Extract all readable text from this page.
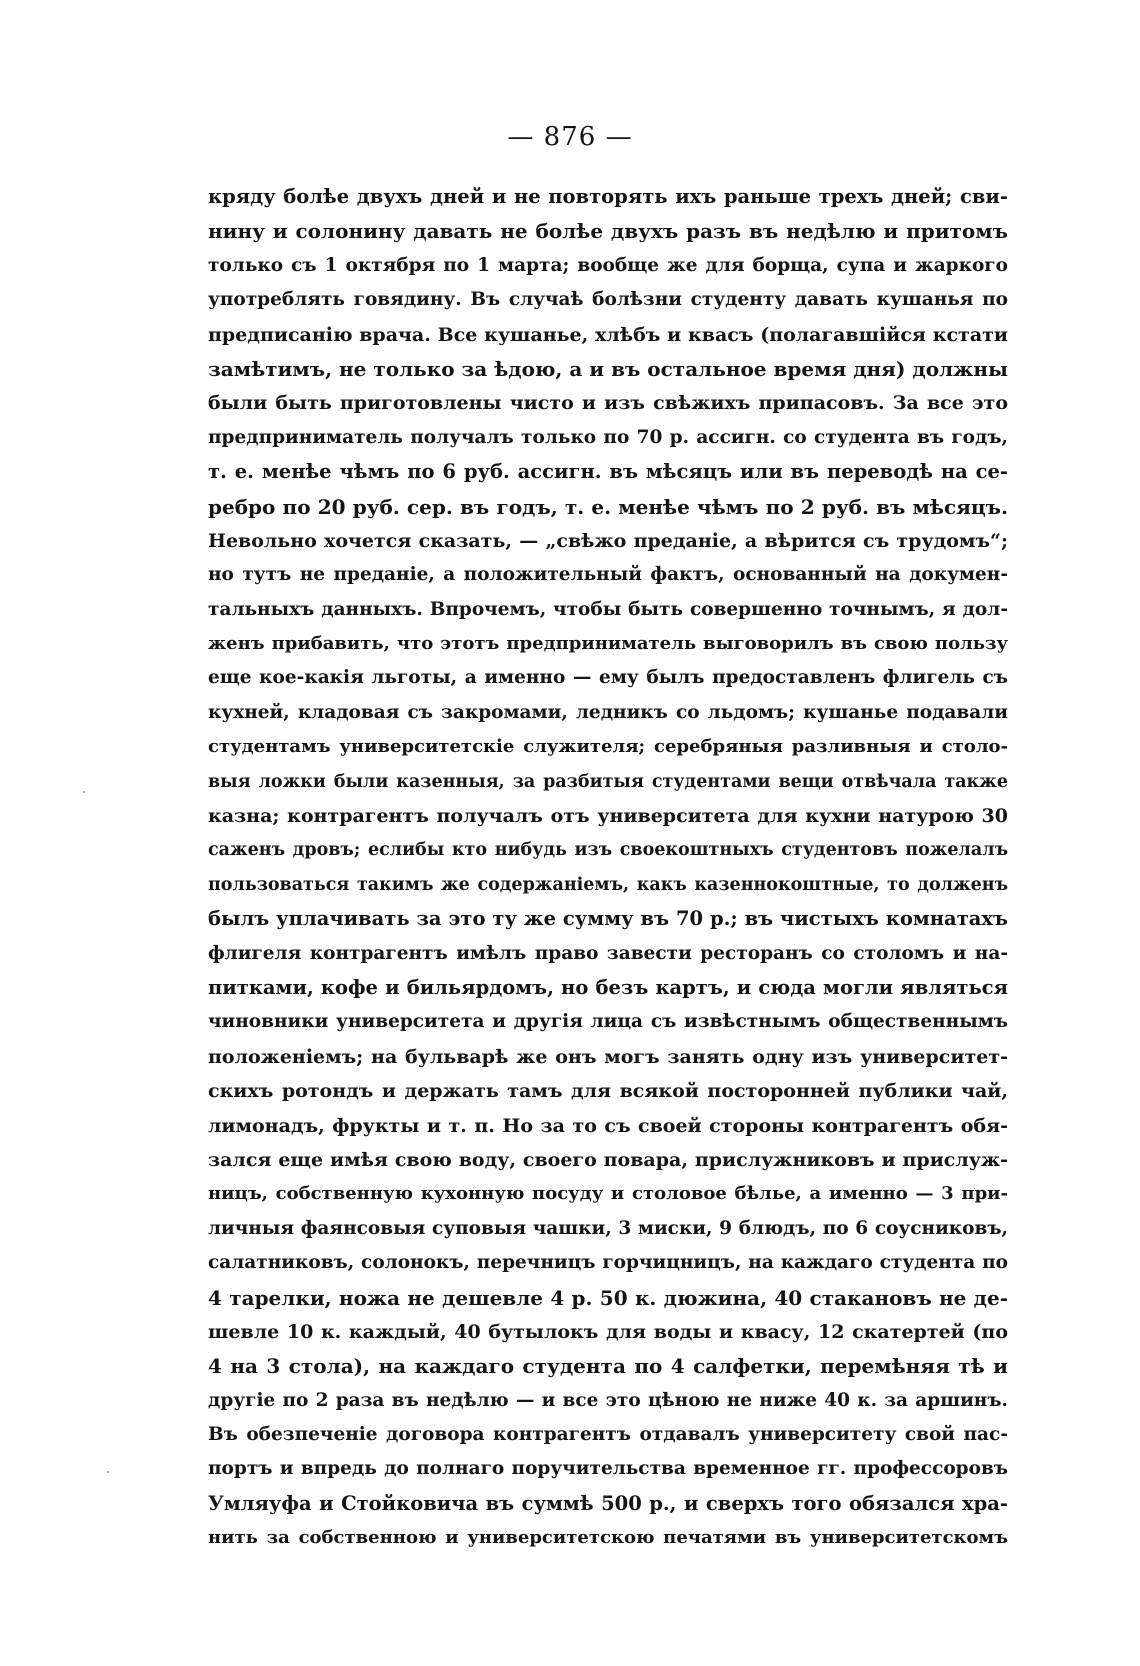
— 876 —
кряду болѣе двухъ дней и не повторять ихъ раньше трехъ дней; сви-
нину и солонину давать не болѣе двухъ разъ въ недѣлю и притомъ
только съ 1 октября по 1 марта; вообще же для борща, супа и жаркого
употреблять говядину. Въ случаѣ болѣзни студенту давать кушанья по
предписанію врача. Все кушанье, хлѣбъ и квасъ (полагавшійся кстати
замѣтимъ, не только за ѣдою, а и въ остальное время дня) должны
были быть приготовлены чисто и изъ свѣжихъ припасовъ. За все это
предприниматель получалъ только по 70 р. ассигн. со студента въ годъ,
т. е. менѣе чѣмъ по 6 руб. ассигн. въ мѣсяцъ или въ переводѣ на се-
ребро по 20 руб. сер. въ годъ, т. е. менѣе чѣмъ по 2 руб. въ мѣсяцъ.
Невольно хочется сказать, — „свѣжо преданіе, а вѣрится съ трудомъ“;
но тутъ не преданіе, а положительный фактъ, основанный на докумен-
тальныхъ данныхъ. Впрочемъ, чтобы быть совершенно точнымъ, я дол-
женъ прибавить, что этотъ предприниматель выговорилъ въ свою пользу
еще кое-какія льготы, а именно — ему былъ предоставленъ флигель съ
кухней, кладовая съ закромами, ледникъ со льдомъ; кушанье подавали
студентамъ университетскіе служителя; серебряныя разливныя и столо-
выя ложки были казенныя, за разбитыя студентами вещи отвѣчала также
казна; контрагентъ получалъ отъ университета для кухни натурою 30
саженъ дровъ; еслибы кто нибудь изъ своекоштныхъ студентовъ пожелалъ
пользоваться такимъ же содержаніемъ, какъ казеннокоштные, то долженъ
былъ уплачивать за это ту же сумму въ 70 р.; въ чистыхъ комнатахъ
флигеля контрагентъ имѣлъ право завести ресторанъ со столомъ и на-
питками, кофе и бильярдомъ, но безъ картъ, и сюда могли являться
чиновники университета и другія лица съ извѣстнымъ общественнымъ
положеніемъ; на бульварѣ же онъ могъ занять одну изъ университет-
скихъ ротондъ и держать тамъ для всякой посторонней публики чай,
лимонадъ, фрукты и т. п. Но за то съ своей стороны контрагентъ обя-
зался еще имѣя свою воду, своего повара, прислужниковъ и прислуж-
ницъ, собственную кухонную посуду и столовое бѣлье, а именно — 3 при-
личныя фаянсовыя суповыя чашки, 3 миски, 9 блюдъ, по 6 соусниковъ,
салатниковъ, солонокъ, перечницъ горчицницъ, на каждаго студента по
4 тарелки, ножа не дешевле 4 р. 50 к. дюжина, 40 стакановъ не де-
шевле 10 к. каждый, 40 бутылокъ для воды и квасу, 12 скатертей (по
4 на 3 стола), на каждаго студента по 4 салфетки, перемѣняя тѣ и
другіе по 2 раза въ недѣлю — и все это цѣною не ниже 40 к. за аршинъ.
Въ обезпеченіе договора контрагентъ отдавалъ университету свой пас-
портъ и впредь до полнаго поручительства временное гг. профессоровъ
Умляуфа и Стойковича въ суммѣ 500 р., и сверхъ того обязался хра-
нить за собственною и университетскою печатями въ университетскомъ
